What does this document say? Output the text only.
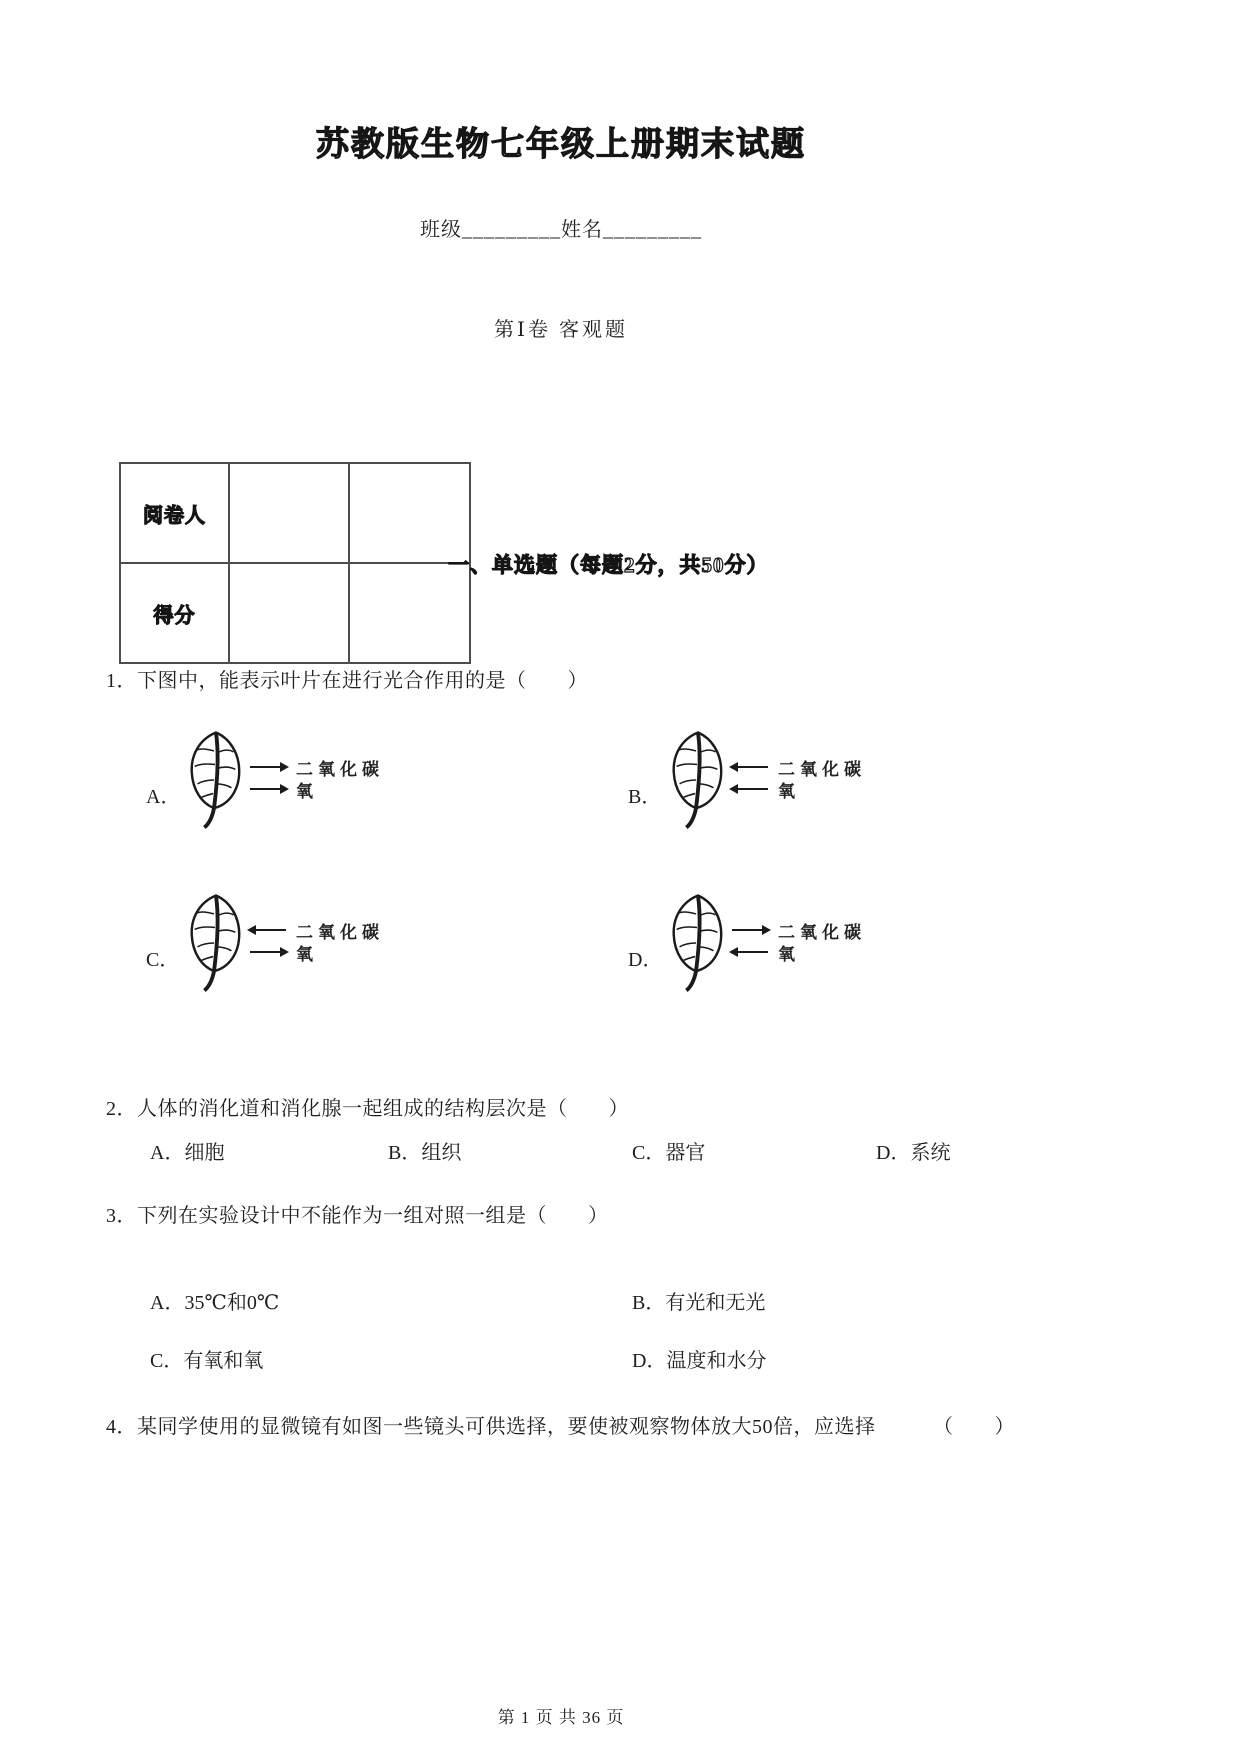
苏教版生物七年级上册期末试题
班级_________姓名_________
第Ⅰ卷 客观题
阅卷人		
得分		
一、单选题（每题2分，共50分）
1．下图中，能表示叶片在进行光合作用的是（　　）
A．
二氧化碳
氧	B．
二氧化碳
氧
C．
二氧化碳
氧	D．
二氧化碳
氧
2．人体的消化道和消化腺一起组成的结构层次是（　　）
A．细胞	B．组织	C．器官	D．系统
3．下列在实验设计中不能作为一组对照一组是（　　）
A．35℃和0℃	B．有光和无光
C．有氧和氧	D．温度和水分
4．某同学使用的显微镜有如图一些镜头可供选择，要使被观察物体放大50倍，应选择	（　　）
第 1 页 共 36 页
